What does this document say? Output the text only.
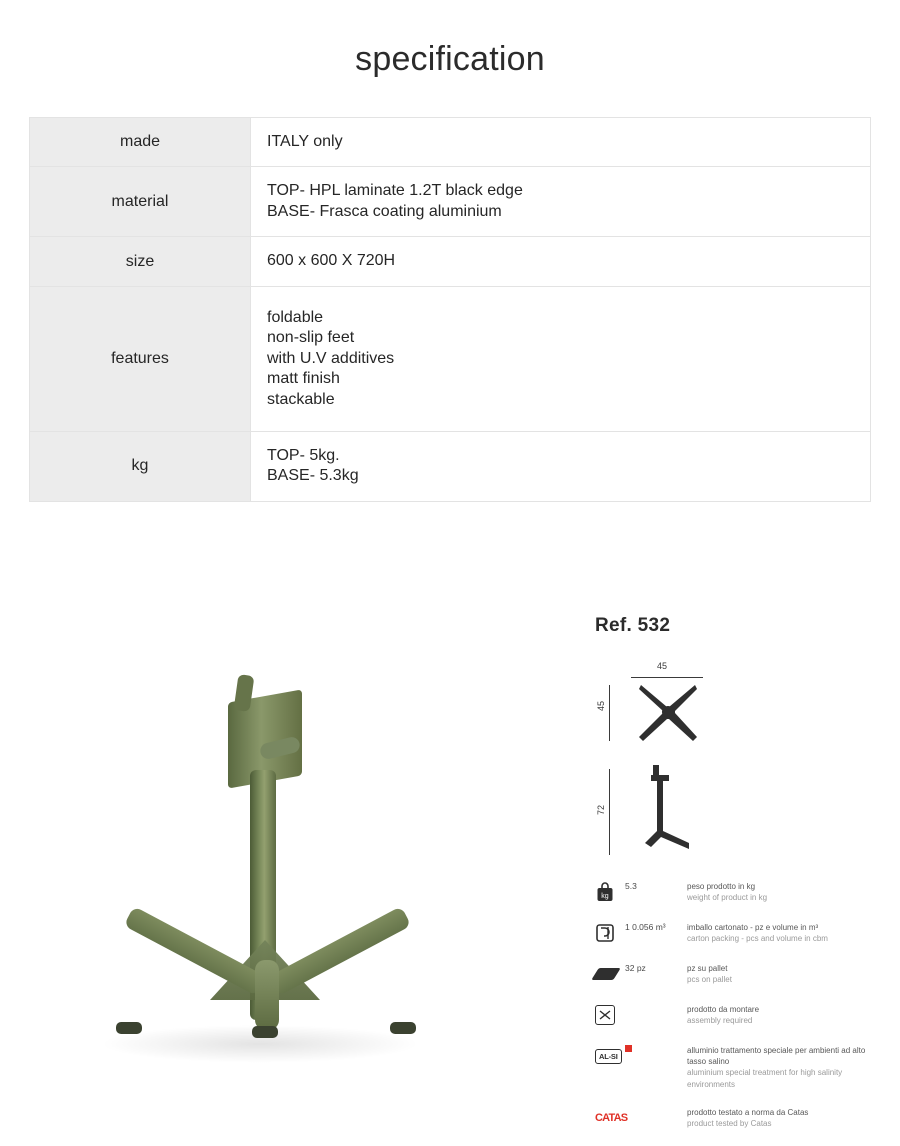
specification
made	ITALY only

material	TOP- HPL laminate 1.2T black edge
BASE- Frasca coating aluminium

size	600 x 600 X 720H

features	foldable
non-slip feet
with U.V additives
matt finish
stackable

kg	TOP- 5kg.
BASE- 5.3kg
Ref. 532
45
45
72
kg
5.3	peso prodotto in kg
weight of product in kg
1 0.056 m³	imballo cartonato - pz e volume in m³
carton packing - pcs and volume in cbm
32 pz	pz su pallet
pcs on pallet
prodotto da montare
assembly required
AL-SI
alluminio trattamento speciale per ambienti ad alto tasso salino
aluminium special treatment for high salinity environments
CATAS	prodotto testato a norma da Catas
product tested by Catas
